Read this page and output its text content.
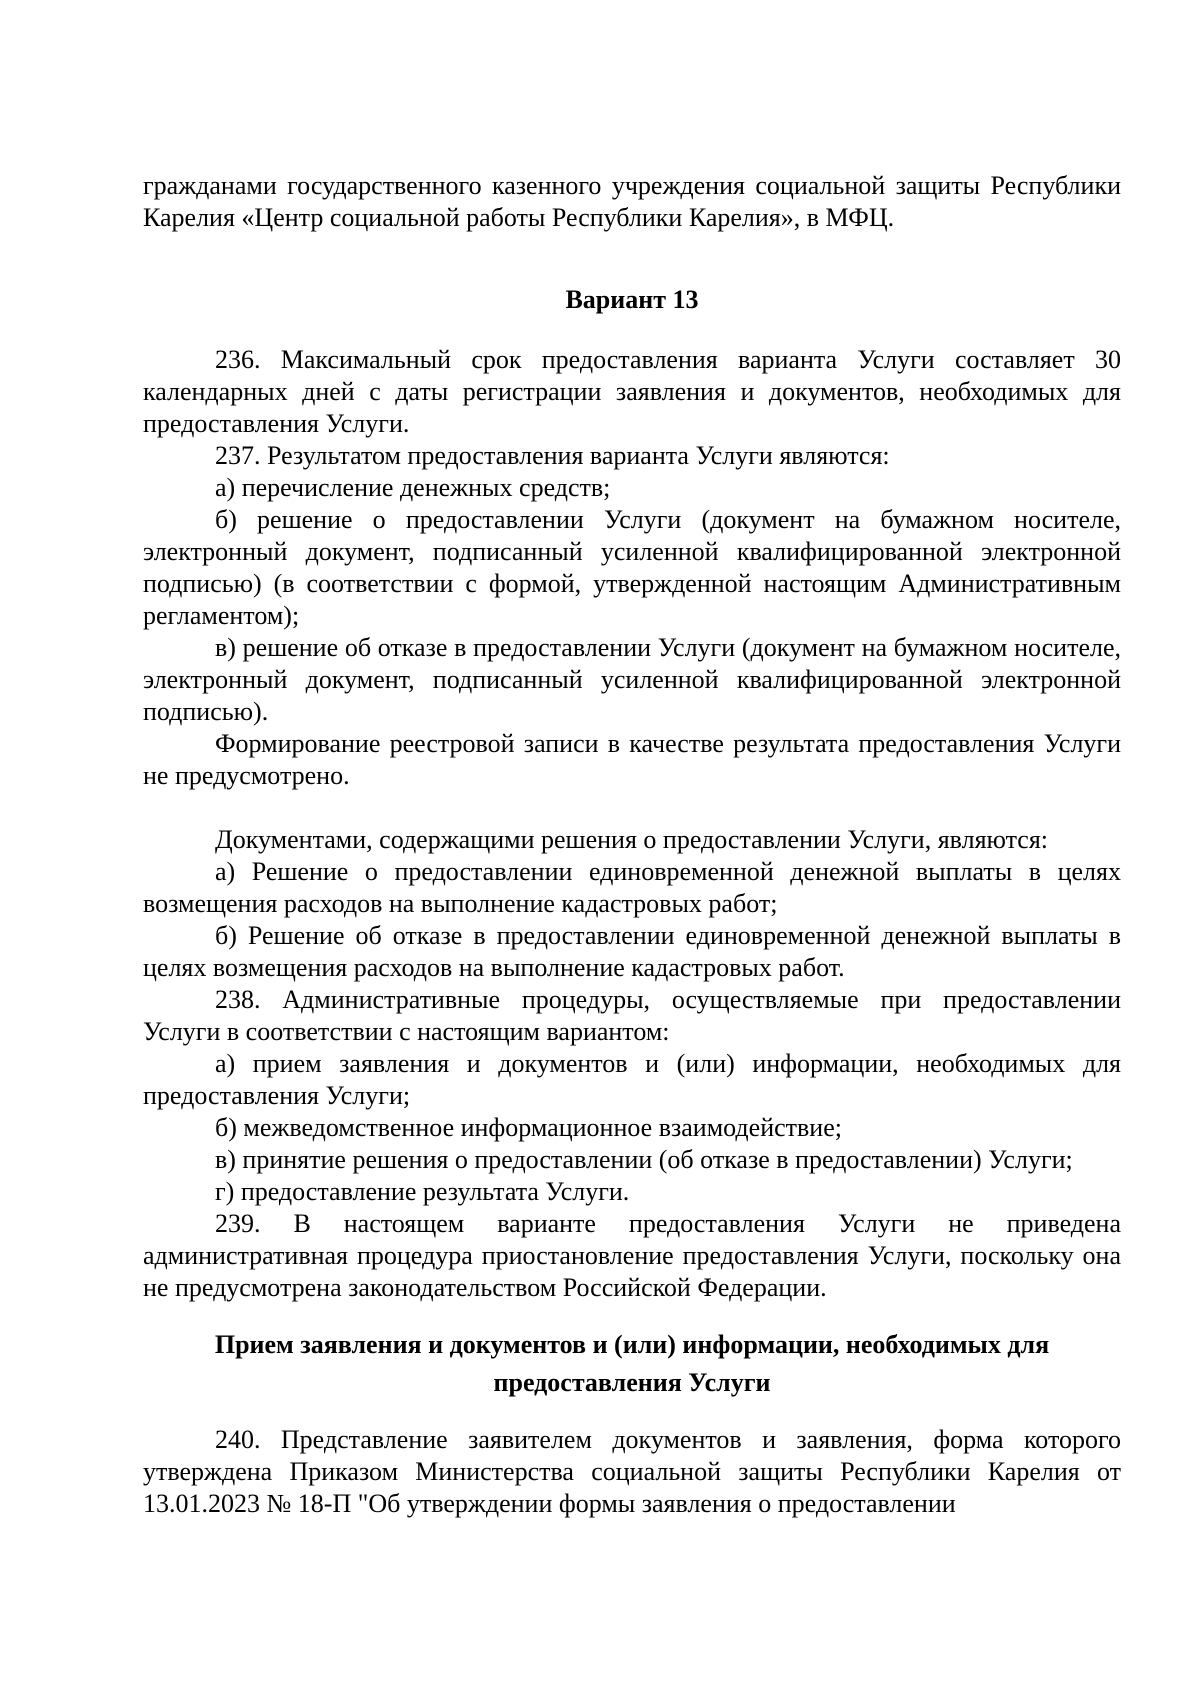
гражданами государственного казенного учреждения социальной защиты Республики Карелия «Центр социальной работы Республики Карелия», в МФЦ.

Вариант 13

236. Максимальный срок предоставления варианта Услуги составляет 30 календарных дней с даты регистрации заявления и документов, необходимых для предоставления Услуги.

237. Результатом предоставления варианта Услуги являются:

а) перечисление денежных средств;

б) решение о предоставлении Услуги (документ на бумажном носителе, электронный документ, подписанный усиленной квалифицированной электронной подписью) (в соответствии с формой, утвержденной настоящим Административным регламентом);

в) решение об отказе в предоставлении Услуги (документ на бумажном носителе, электронный документ, подписанный усиленной квалифицированной электронной подписью).

Формирование реестровой записи в качестве результата предоставления Услуги не предусмотрено.

Документами, содержащими решения о предоставлении Услуги, являются:

а) Решение о предоставлении единовременной денежной выплаты в целях возмещения расходов на выполнение кадастровых работ;

б) Решение об отказе в предоставлении единовременной денежной выплаты в целях возмещения расходов на выполнение кадастровых работ.

238. Административные процедуры, осуществляемые при предоставлении Услуги в соответствии с настоящим вариантом:

а) прием заявления и документов и (или) информации, необходимых для предоставления Услуги;

б) межведомственное информационное взаимодействие;

в) принятие решения о предоставлении (об отказе в предоставлении) Услуги;

г) предоставление результата Услуги.

239. В настоящем варианте предоставления Услуги не приведена административная процедура приостановление предоставления Услуги, поскольку она не предусмотрена законодательством Российской Федерации.

Прием заявления и документов и (или) информации, необходимых для предоставления Услуги

240. Представление заявителем документов и заявления, форма которого утверждена Приказом Министерства социальной защиты Республики Карелия от 13.01.2023 № 18-П "Об утверждении формы заявления о предоставлении
